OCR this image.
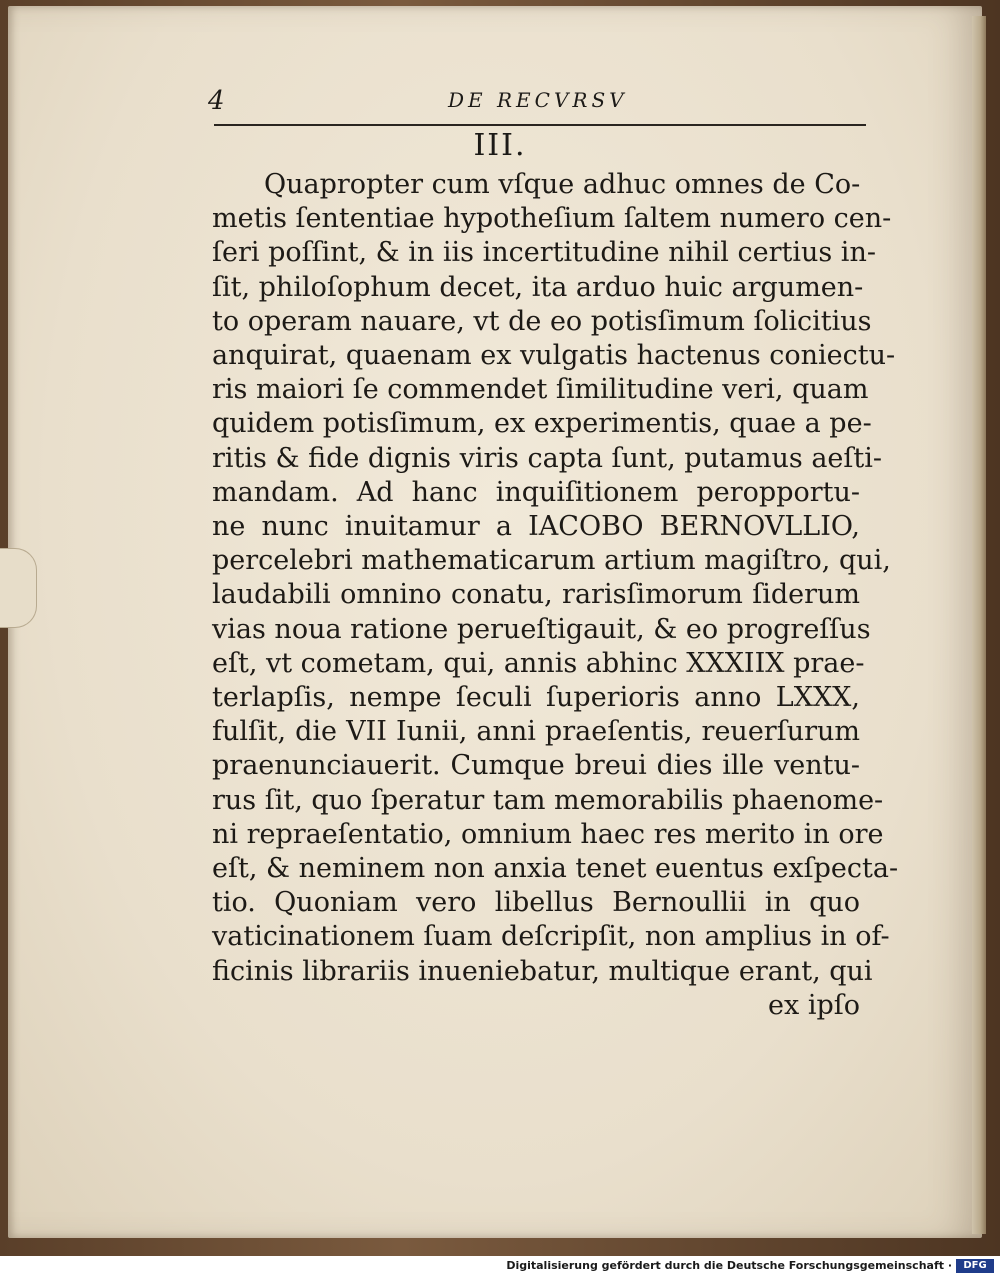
4	DE RECVRSV
III.
Quapropter cum vſque adhuc omnes de Co-
metis ſententiae hypotheſium ſaltem numero cen-
ſeri poſſint, & in iis incertitudine nihil certius in-
ſit, philoſophum decet, ita arduo huic argumen-
to operam nauare, vt de eo potisſimum ſolicitius
anquirat, quaenam ex vulgatis hactenus coniectu-
ris maiori ſe commendet ſimilitudine veri, quam
quidem potisſimum, ex experimentis, quae a pe-
ritis & fide dignis viris capta ſunt, putamus aeſti-
mandam. Ad hanc inquiſitionem peropportu-
ne nunc inuitamur a IACOBO BERNOVLLIO,
percelebri mathematicarum artium magiſtro, qui,
laudabili omnino conatu, rarisſimorum ſiderum
vias noua ratione perueſtigauit, & eo progreſſus
eſt, vt cometam, qui, annis abhinc XXXIIX prae-
terlapſis, nempe ſeculi ſuperioris anno LXXX,
fulſit, die VII Iunii, anni praeſentis, reuerſurum
praenunciauerit. Cumque breui dies ille ventu-
rus ſit, quo ſperatur tam memorabilis phaenome-
ni repraeſentatio, omnium haec res merito in ore
eſt, & neminem non anxia tenet euentus exſpecta-
tio. Quoniam vero libellus Bernoullii in quo
vaticinationem ſuam deſcripſit, non amplius in of-
ficinis librariis inueniebatur, multique erant, qui
ex ipſo
Digitalisierung gefördert durch die Deutsche Forschungsgemeinschaft ·	DFG
